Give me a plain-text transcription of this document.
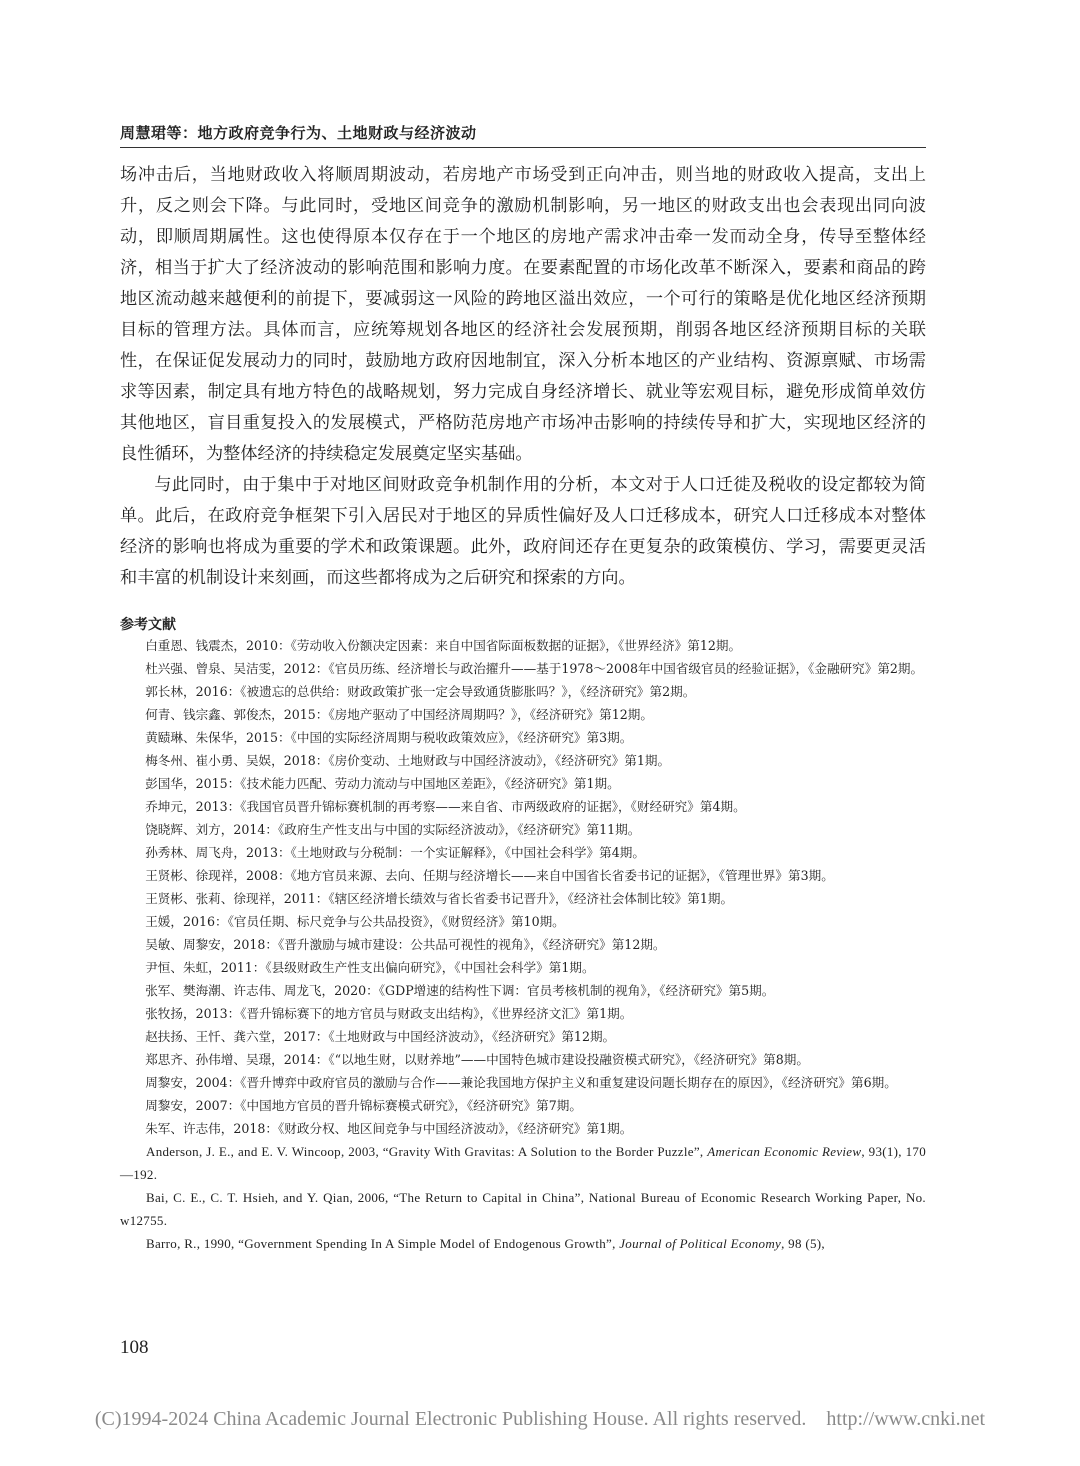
周慧珺等：地方政府竞争行为、土地财政与经济波动

场冲击后，当地财政收入将顺周期波动，若房地产市场受到正向冲击，则当地的财政收入提高，支出上升，反之则会下降。与此同时，受地区间竞争的激励机制影响，另一地区的财政支出也会表现出同向波动，即顺周期属性。这也使得原本仅存在于一个地区的房地产需求冲击牵一发而动全身，传导至整体经济，相当于扩大了经济波动的影响范围和影响力度。在要素配置的市场化改革不断深入，要素和商品的跨地区流动越来越便利的前提下，要减弱这一风险的跨地区溢出效应，一个可行的策略是优化地区经济预期目标的管理方法。具体而言，应统筹规划各地区的经济社会发展预期，削弱各地区经济预期目标的关联性，在保证促发展动力的同时，鼓励地方政府因地制宜，深入分析本地区的产业结构、资源禀赋、市场需求等因素，制定具有地方特色的战略规划，努力完成自身经济增长、就业等宏观目标，避免形成简单效仿其他地区，盲目重复投入的发展模式，严格防范房地产市场冲击影响的持续传导和扩大，实现地区经济的良性循环，为整体经济的持续稳定发展奠定坚实基础。

与此同时，由于集中于对地区间财政竞争机制作用的分析，本文对于人口迁徙及税收的设定都较为简单。此后，在政府竞争框架下引入居民对于地区的异质性偏好及人口迁移成本，研究人口迁移成本对整体经济的影响也将成为重要的学术和政策课题。此外，政府间还存在更复杂的政策模仿、学习，需要更灵活和丰富的机制设计来刻画，而这些都将成为之后研究和探索的方向。

参考文献
白重恩、钱震杰，2010：《劳动收入份额决定因素：来自中国省际面板数据的证据》，《世界经济》第12期。
杜兴强、曾泉、吴洁雯，2012：《官员历练、经济增长与政治擢升——基于1978～2008年中国省级官员的经验证据》，《金融研究》第2期。
郭长林，2016：《被遗忘的总供给：财政政策扩张一定会导致通货膨胀吗？》，《经济研究》第2期。
何青、钱宗鑫、郭俊杰，2015：《房地产驱动了中国经济周期吗？》，《经济研究》第12期。
黄赜琳、朱保华，2015：《中国的实际经济周期与税收政策效应》，《经济研究》第3期。
梅冬州、崔小勇、吴娱，2018：《房价变动、土地财政与中国经济波动》，《经济研究》第1期。
彭国华，2015：《技术能力匹配、劳动力流动与中国地区差距》，《经济研究》第1期。
乔坤元，2013：《我国官员晋升锦标赛机制的再考察——来自省、市两级政府的证据》，《财经研究》第4期。
饶晓辉、刘方，2014：《政府生产性支出与中国的实际经济波动》，《经济研究》第11期。
孙秀林、周飞舟，2013：《土地财政与分税制：一个实证解释》，《中国社会科学》第4期。
王贤彬、徐现祥，2008：《地方官员来源、去向、任期与经济增长——来自中国省长省委书记的证据》，《管理世界》第3期。
王贤彬、张莉、徐现祥，2011：《辖区经济增长绩效与省长省委书记晋升》，《经济社会体制比较》第1期。
王媛，2016：《官员任期、标尺竞争与公共品投资》，《财贸经济》第10期。
吴敏、周黎安，2018：《晋升激励与城市建设：公共品可视性的视角》，《经济研究》第12期。
尹恒、朱虹，2011：《县级财政生产性支出偏向研究》，《中国社会科学》第1期。
张军、樊海潮、许志伟、周龙飞，2020：《GDP增速的结构性下调：官员考核机制的视角》，《经济研究》第5期。
张牧扬，2013：《晋升锦标赛下的地方官员与财政支出结构》，《世界经济文汇》第1期。
赵扶扬、王忏、龚六堂，2017：《土地财政与中国经济波动》，《经济研究》第12期。
郑思齐、孙伟增、吴璟，2014：《“以地生财，以财养地”——中国特色城市建设投融资模式研究》，《经济研究》第8期。
周黎安，2004：《晋升博弈中政府官员的激励与合作——兼论我国地方保护主义和重复建设问题长期存在的原因》，《经济研究》第6期。
周黎安，2007：《中国地方官员的晋升锦标赛模式研究》，《经济研究》第7期。
朱军、许志伟，2018：《财政分权、地区间竞争与中国经济波动》，《经济研究》第1期。
Anderson, J. E., and E. V. Wincoop, 2003, “Gravity With Gravitas: A Solution to the Border Puzzle”, American Economic Review, 93(1), 170—192.
Bai, C. E., C. T. Hsieh, and Y. Qian, 2006, “The Return to Capital in China”, National Bureau of Economic Research Working Paper, No. w12755.
Barro, R., 1990, “Government Spending In A Simple Model of Endogenous Growth”, Journal of Political Economy, 98 (5),
108
(C)1994-2024 China Academic Journal Electronic Publishing House. All rights reserved.    http://www.cnki.net
